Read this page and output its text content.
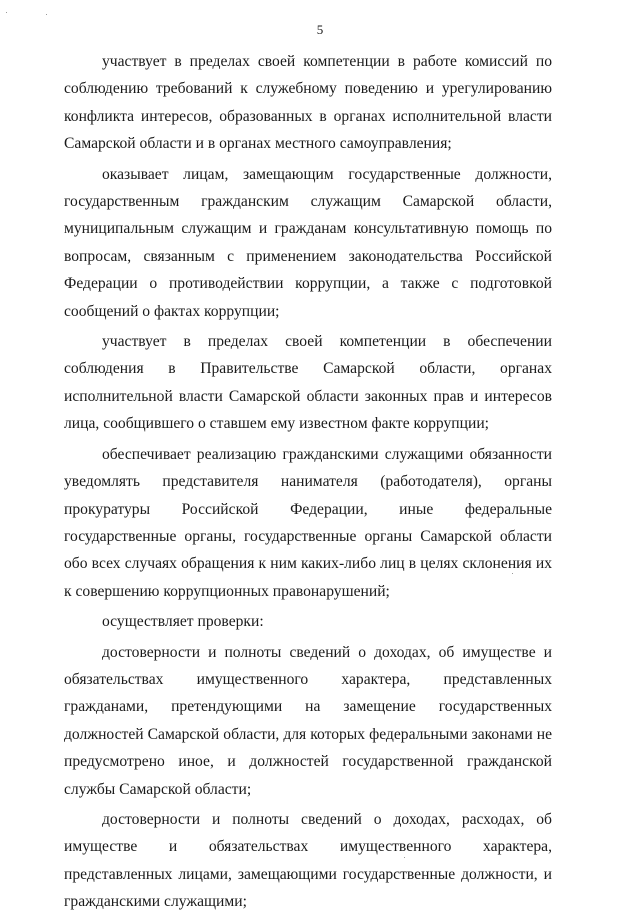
5

участвует в пределах своей компетенции в работе комиссий по соблюдению требований к служебному поведению и урегулированию конфликта интересов, образованных в органах исполнительной власти Самарской области и в органах местного самоуправления;

оказывает лицам, замещающим государственные должности, государственным гражданским служащим Самарской области, муниципальным служащим и гражданам консультативную помощь по вопросам, связанным с применением законодательства Российской Федерации о противодействии коррупции, а также с подготовкой сообщений о фактах коррупции;

участвует в пределах своей компетенции в обеспечении соблюдения в Правительстве Самарской области, органах исполнительной власти Самарской области законных прав и интересов лица, сообщившего о ставшем ему известном факте коррупции;

обеспечивает реализацию гражданскими служащими обязанности уведомлять представителя нанимателя (работодателя), органы прокуратуры Российской Федерации, иные федеральные государственные органы, государственные органы Самарской области обо всех случаях обращения к ним каких-либо лиц в целях склонения их к совершению коррупционных правонарушений;

осуществляет проверки:

достоверности и полноты сведений о доходах, об имуществе и обязательствах имущественного характера, представленных гражданами, претендующими на замещение государственных должностей Самарской области, для которых федеральными законами не предусмотрено иное, и должностей государственной гражданской службы Самарской области;

достоверности и полноты сведений о доходах, расходах, об имуществе и обязательствах имущественного характера, представленных лицами, замещающими государственные должности, и гражданскими служащими;
